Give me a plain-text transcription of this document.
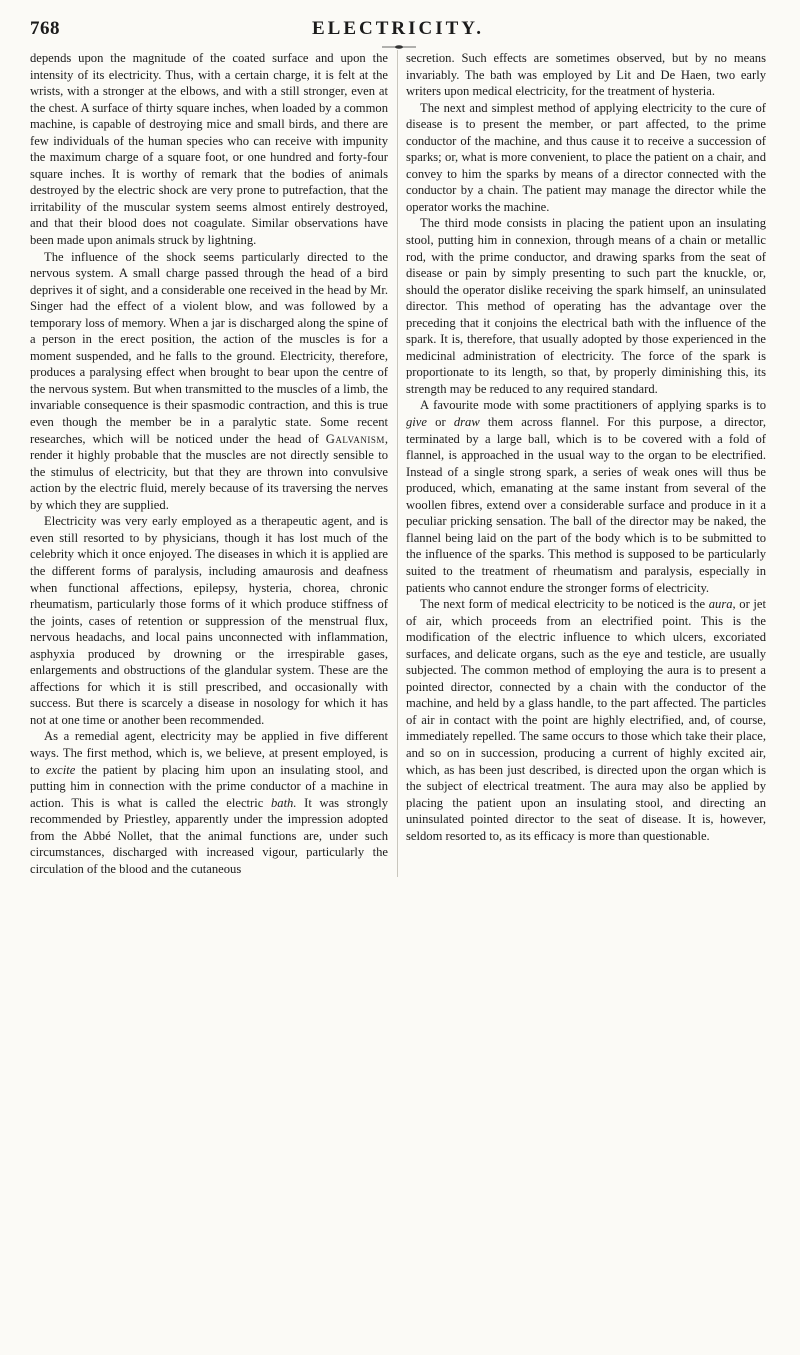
768	ELECTRICITY.

depends upon the magnitude of the coated surface and upon the intensity of its electricity. Thus, with a certain charge, it is felt at the wrists, with a stronger at the elbows, and with a still stronger, even at the chest. A surface of thirty square inches, when loaded by a common machine, is capable of destroying mice and small birds, and there are few individuals of the human species who can receive with impunity the maximum charge of a square foot, or one hundred and forty-four square inches. It is worthy of remark that the bodies of animals destroyed by the electric shock are very prone to putrefaction, that the irritability of the muscular system seems almost entirely destroyed, and that their blood does not coagulate. Similar observations have been made upon animals struck by lightning.

The influence of the shock seems particularly directed to the nervous system. A small charge passed through the head of a bird deprives it of sight, and a considerable one received in the head by Mr. Singer had the effect of a violent blow, and was followed by a temporary loss of memory. When a jar is discharged along the spine of a person in the erect position, the action of the muscles is for a moment suspended, and he falls to the ground. Electricity, therefore, produces a paralysing effect when brought to bear upon the centre of the nervous system. But when transmitted to the muscles of a limb, the invariable consequence is their spasmodic contraction, and this is true even though the member be in a paralytic state. Some recent researches, which will be noticed under the head of Galvanism, render it highly probable that the muscles are not directly sensible to the stimulus of electricity, but that they are thrown into convulsive action by the electric fluid, merely because of its traversing the nerves by which they are supplied.

Electricity was very early employed as a therapeutic agent, and is even still resorted to by physicians, though it has lost much of the celebrity which it once enjoyed. The diseases in which it is applied are the different forms of paralysis, including amaurosis and deafness when functional affections, epilepsy, hysteria, chorea, chronic rheumatism, particularly those forms of it which produce stiffness of the joints, cases of retention or suppression of the menstrual flux, nervous headachs, and local pains unconnected with inflammation, asphyxia produced by drowning or the irrespirable gases, enlargements and obstructions of the glandular system. These are the affections for which it is still prescribed, and occasionally with success. But there is scarcely a disease in nosology for which it has not at one time or another been recommended.

As a remedial agent, electricity may be applied in five different ways. The first method, which is, we believe, at present employed, is to excite the patient by placing him upon an insulating stool, and putting him in connection with the prime conductor of a machine in action. This is what is called the electric bath. It was strongly recommended by Priestley, apparently under the impression adopted from the Abbé Nollet, that the animal functions are, under such circumstances, discharged with increased vigour, particularly the circulation of the blood and the cutaneous

secretion. Such effects are sometimes observed, but by no means invariably. The bath was employed by Lit and De Haen, two early writers upon medical electricity, for the treatment of hysteria.

The next and simplest method of applying electricity to the cure of disease is to present the member, or part affected, to the prime conductor of the machine, and thus cause it to receive a succession of sparks; or, what is more convenient, to place the patient on a chair, and convey to him the sparks by means of a director connected with the conductor by a chain. The patient may manage the director while the operator works the machine.

The third mode consists in placing the patient upon an insulating stool, putting him in connexion, through means of a chain or metallic rod, with the prime conductor, and drawing sparks from the seat of disease or pain by simply presenting to such part the knuckle, or, should the operator dislike receiving the spark himself, an uninsulated director. This method of operating has the advantage over the preceding that it conjoins the electrical bath with the influence of the spark. It is, therefore, that usually adopted by those experienced in the medicinal administration of electricity. The force of the spark is proportionate to its length, so that, by properly diminishing this, its strength may be reduced to any required standard.

A favourite mode with some practitioners of applying sparks is to give or draw them across flannel. For this purpose, a director, terminated by a large ball, which is to be covered with a fold of flannel, is approached in the usual way to the organ to be electrified. Instead of a single strong spark, a series of weak ones will thus be produced, which, emanating at the same instant from several of the woollen fibres, extend over a considerable surface and produce in it a peculiar pricking sensation. The ball of the director may be naked, the flannel being laid on the part of the body which is to be submitted to the influence of the sparks. This method is supposed to be particularly suited to the treatment of rheumatism and paralysis, especially in patients who cannot endure the stronger forms of electricity.

The next form of medical electricity to be noticed is the aura, or jet of air, which proceeds from an electrified point. This is the modification of the electric influence to which ulcers, excoriated surfaces, and delicate organs, such as the eye and testicle, are usually subjected. The common method of employing the aura is to present a pointed director, connected by a chain with the conductor of the machine, and held by a glass handle, to the part affected. The particles of air in contact with the point are highly electrified, and, of course, immediately repelled. The same occurs to those which take their place, and so on in succession, producing a current of highly excited air, which, as has been just described, is directed upon the organ which is the subject of electrical treatment. The aura may also be applied by placing the patient upon an insulating stool, and directing an uninsulated pointed director to the seat of disease. It is, however, seldom resorted to, as its efficacy is more than questionable.
